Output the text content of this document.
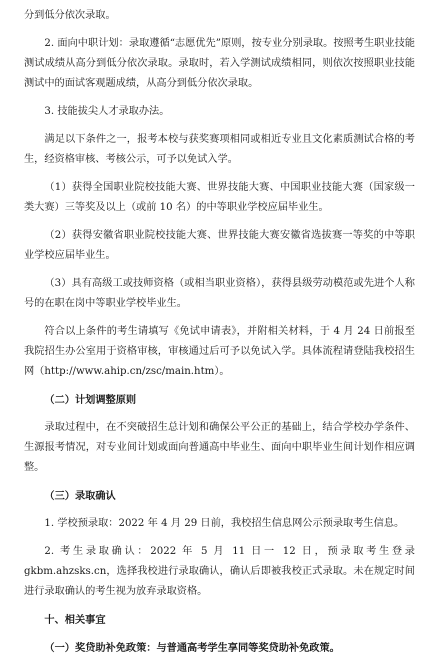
分到低分依次录取。

2. 面向中职计划：录取遵循“志愿优先”原则，按专业分别录取。按照考生职业技能测试成绩从高分到低分依次录取。录取时，若入学测试成绩相同，则依次按照职业技能测试中的面试客观题成绩，从高分到低分依次录取。

3. 技能拔尖人才录取办法。

满足以下条件之一，报考本校与获奖赛项相同或相近专业且文化素质测试合格的考生，经资格审核、考核公示，可予以免试入学。

（1）获得全国职业院校技能大赛、世界技能大赛、中国职业技能大赛（国家级一类大赛）三等奖及以上（或前 10 名）的中等职业学校应届毕业生。

（2）获得安徽省职业院校技能大赛、世界技能大赛安徽省选拔赛一等奖的中等职业学校应届毕业生。

（3）具有高级工或技师资格（或相当职业资格），获得县级劳动模范或先进个人称号的在职在岗中等职业学校毕业生。

符合以上条件的考生请填写《免试申请表》，并附相关材料，于 4 月 24 日前报至我院招生办公室用于资格审核，审核通过后可予以免试入学。具体流程请登陆我校招生网（http://www.ahip.cn/zsc/main.htm）。

（二）计划调整原则

录取过程中，在不突破招生总计划和确保公平公正的基础上，结合学校办学条件、生源报考情况，对专业间计划或面向普通高中毕业生、面向中职毕业生间计划作相应调整。

（三）录取确认

1. 学校预录取：2022 年 4 月 29 日前，我校招生信息网公示预录取考生信息。

2. 考生录取确认：2022 年 5 月 11 日一 12 日，预录取考生登录 gkbm.ahzsks.cn，选择我校进行录取确认，确认后即被我校正式录取。未在规定时间进行录取确认的考生视为放弃录取资格。

十、相关事宜

（一）奖贷助补免政策：与普通高考学生享同等奖贷助补免政策。
